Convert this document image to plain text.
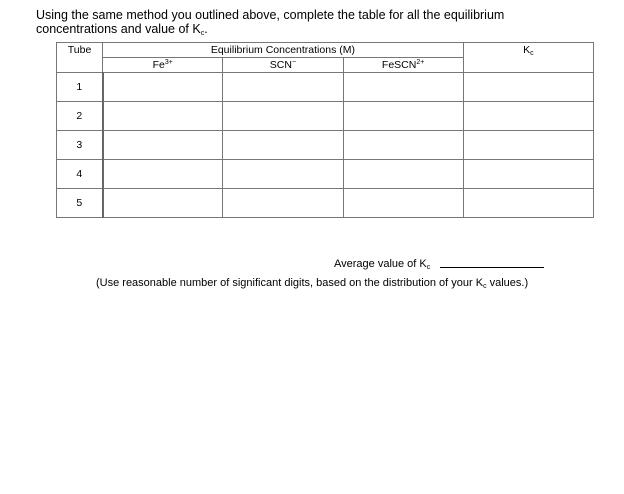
Using the same method you outlined above, complete the table for all the equilibrium
concentrations and value of $K_c$.
Tube	Equilibrium Concentrations (M)			$K_c$
	$Fe^{3+}$	SCN−	FeSCN$^{2+}$
1				
2				
3				
4				
5				
Average value of $K_c$
(Use reasonable number of significant digits, based on the distribution of your $K_c$ values.)
